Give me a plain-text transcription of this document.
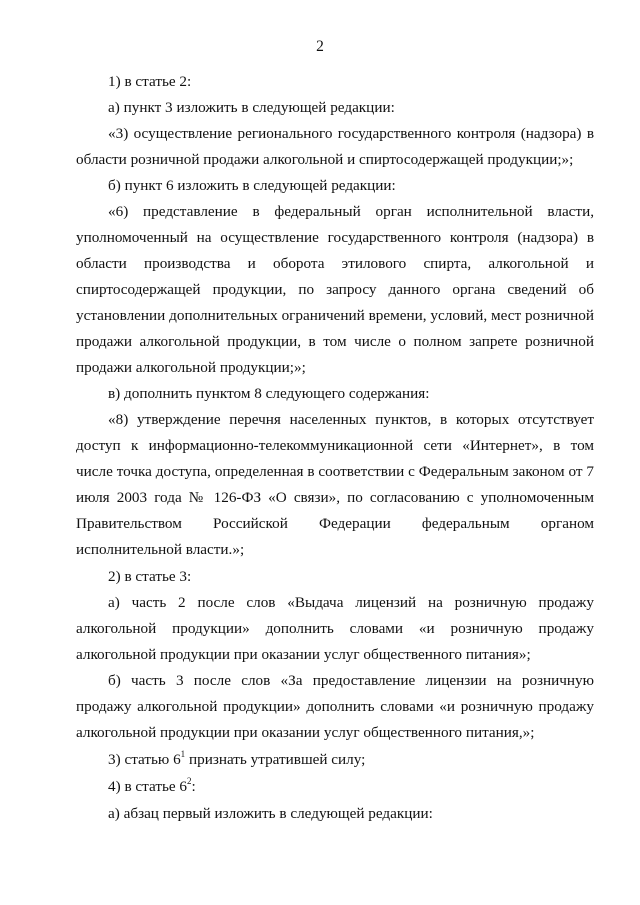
2

1) в статье 2:

а) пункт 3 изложить в следующей редакции:

«3) осуществление регионального государственного контроля (надзора) в области розничной продажи алкогольной и спиртосодержащей продукции;»;

б) пункт 6 изложить в следующей редакции:

«6) представление в федеральный орган исполнительной власти, уполномоченный на осуществление государственного контроля (надзора) в области производства и оборота этилового спирта, алкогольной и спиртосодержащей продукции, по запросу данного органа сведений об установлении дополнительных ограничений времени, условий, мест розничной продажи алкогольной продукции, в том числе о полном запрете розничной продажи алкогольной продукции;»;

в) дополнить пунктом 8 следующего содержания:

«8) утверждение перечня населенных пунктов, в которых отсутствует доступ к информационно-телекоммуникационной сети «Интернет», в том числе точка доступа, определенная в соответствии с Федеральным законом от 7 июля 2003 года № 126-ФЗ «О связи», по согласованию с уполномоченным Правительством Российской Федерации федеральным органом исполнительной власти.»;

2) в статье 3:

а) часть 2 после слов «Выдача лицензий на розничную продажу алкогольной продукции» дополнить словами «и розничную продажу алкогольной продукции при оказании услуг общественного питания»;

б) часть 3 после слов «За предоставление лицензии на розничную продажу алкогольной продукции» дополнить словами «и розничную продажу алкогольной продукции при оказании услуг общественного питания,»;

3) статью $6^1$ признать утратившей силу;

4) в статье $6^2$:

а) абзац первый изложить в следующей редакции:
